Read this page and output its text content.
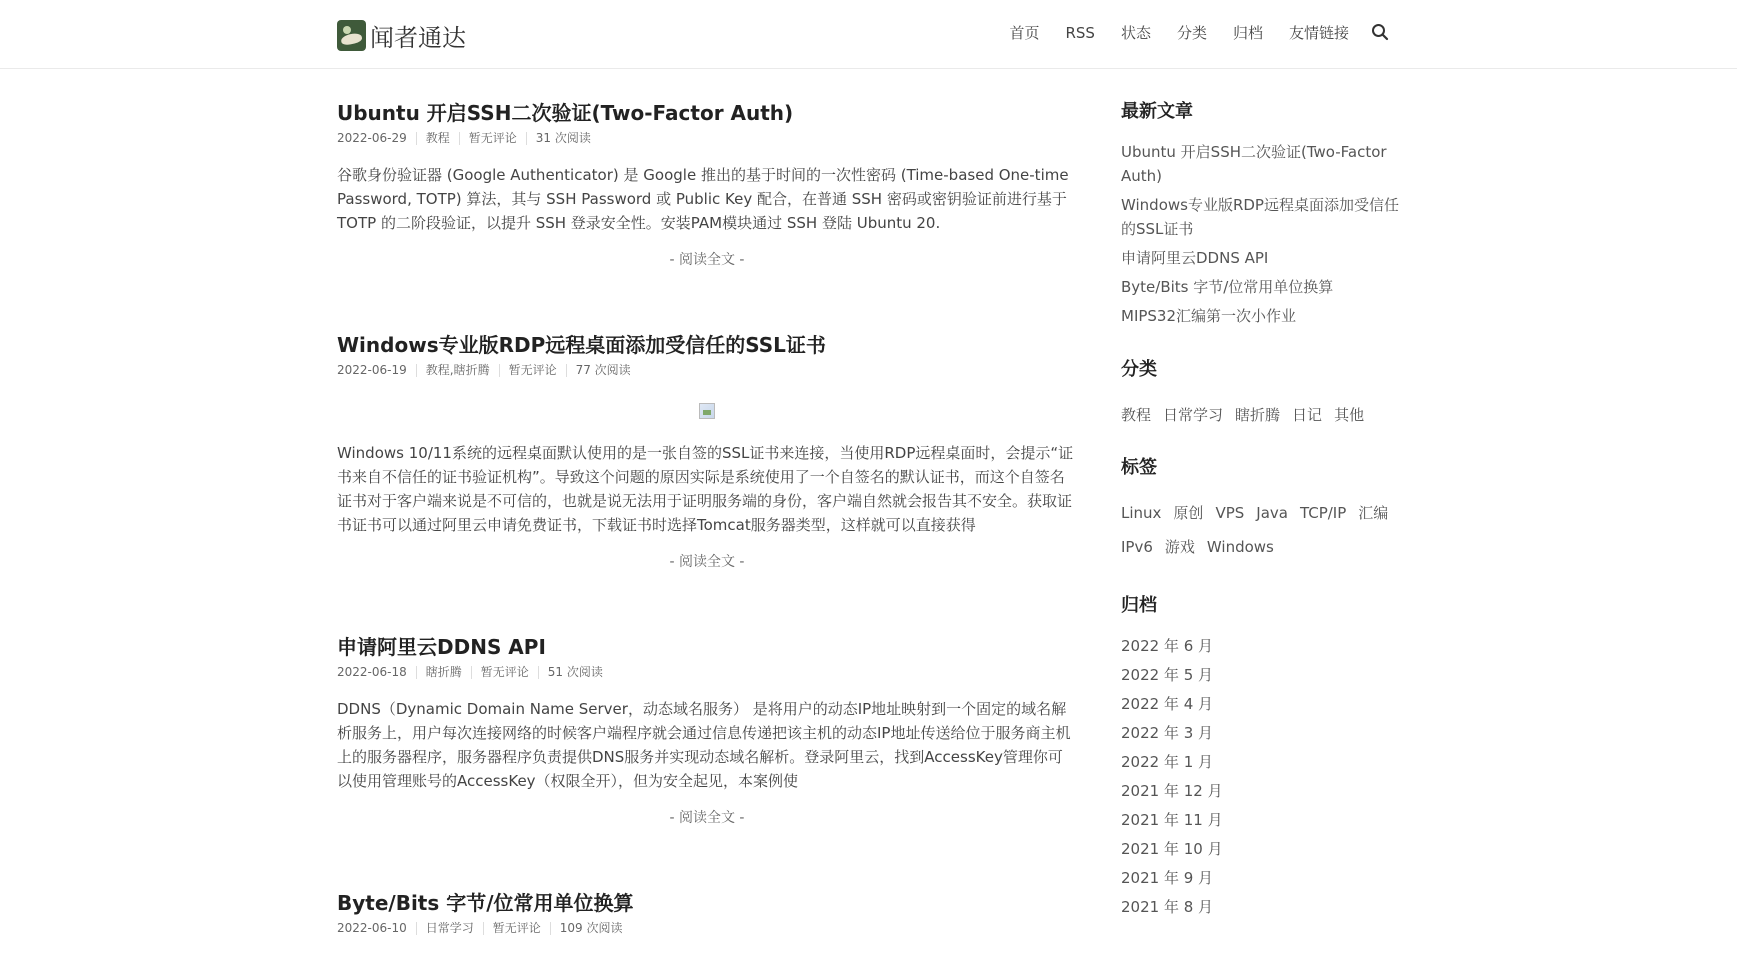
闻者通达	首页 RSS 状态 分类 归档 友情链接
Ubuntu 开启SSH二次验证(Two-Factor Auth)
2022-06-29	教程	暂无评论	31 次阅读

谷歌身份验证器 (Google Authenticator) 是 Google 推出的基于时间的一次性密码 (Time-based One-time Password, TOTP) 算法，其与 SSH Password 或 Public Key 配合，在普通 SSH 密码或密钥验证前进行基于 TOTP 的二阶段验证，以提升 SSH 登录安全性。安装PAM模块通过 SSH 登陆 Ubuntu 20.

- 阅读全文 -
Windows专业版RDP远程桌面添加受信任的SSL证书
2022-06-19	教程,瞎折腾	暂无评论	77 次阅读

Windows 10/11系统的远程桌面默认使用的是一张自签的SSL证书来连接，当使用RDP远程桌面时，会提示“证书来自不信任的证书验证机构”。导致这个问题的原因实际是系统使用了一个自签名的默认证书，而这个自签名证书对于客户端来说是不可信的，也就是说无法用于证明服务端的身份，客户端自然就会报告其不安全。获取证书证书可以通过阿里云申请免费证书，下载证书时选择Tomcat服务器类型，这样就可以直接获得

- 阅读全文 -
申请阿里云DDNS API
2022-06-18	瞎折腾	暂无评论	51 次阅读

DDNS（Dynamic Domain Name Server，动态域名服务） 是将用户的动态IP地址映射到一个固定的域名解析服务上，用户每次连接网络的时候客户端程序就会通过信息传递把该主机的动态IP地址传送给位于服务商主机上的服务器程序，服务器程序负责提供DNS服务并实现动态域名解析。登录阿里云，找到AccessKey管理你可以使用管理账号的AccessKey（权限全开），但为安全起见，本案例使

- 阅读全文 -
Byte/Bits 字节/位常用单位换算
2022-06-10	日常学习	暂无评论	109 次阅读
最新文章
Ubuntu 开启SSH二次验证(Two-Factor Auth)
Windows专业版RDP远程桌面添加受信任的SSL证书
申请阿里云DDNS API
Byte/Bits 字节/位常用单位换算
MIPS32汇编第一次小作业
分类
教程 日常学习 瞎折腾 日记 其他
标签
Linux 原创 VPS Java TCP/IP 汇编
IPv6 游戏 Windows
归档
2022 年 6 月
2022 年 5 月
2022 年 4 月
2022 年 3 月
2022 年 1 月
2021 年 12 月
2021 年 11 月
2021 年 10 月
2021 年 9 月
2021 年 8 月
